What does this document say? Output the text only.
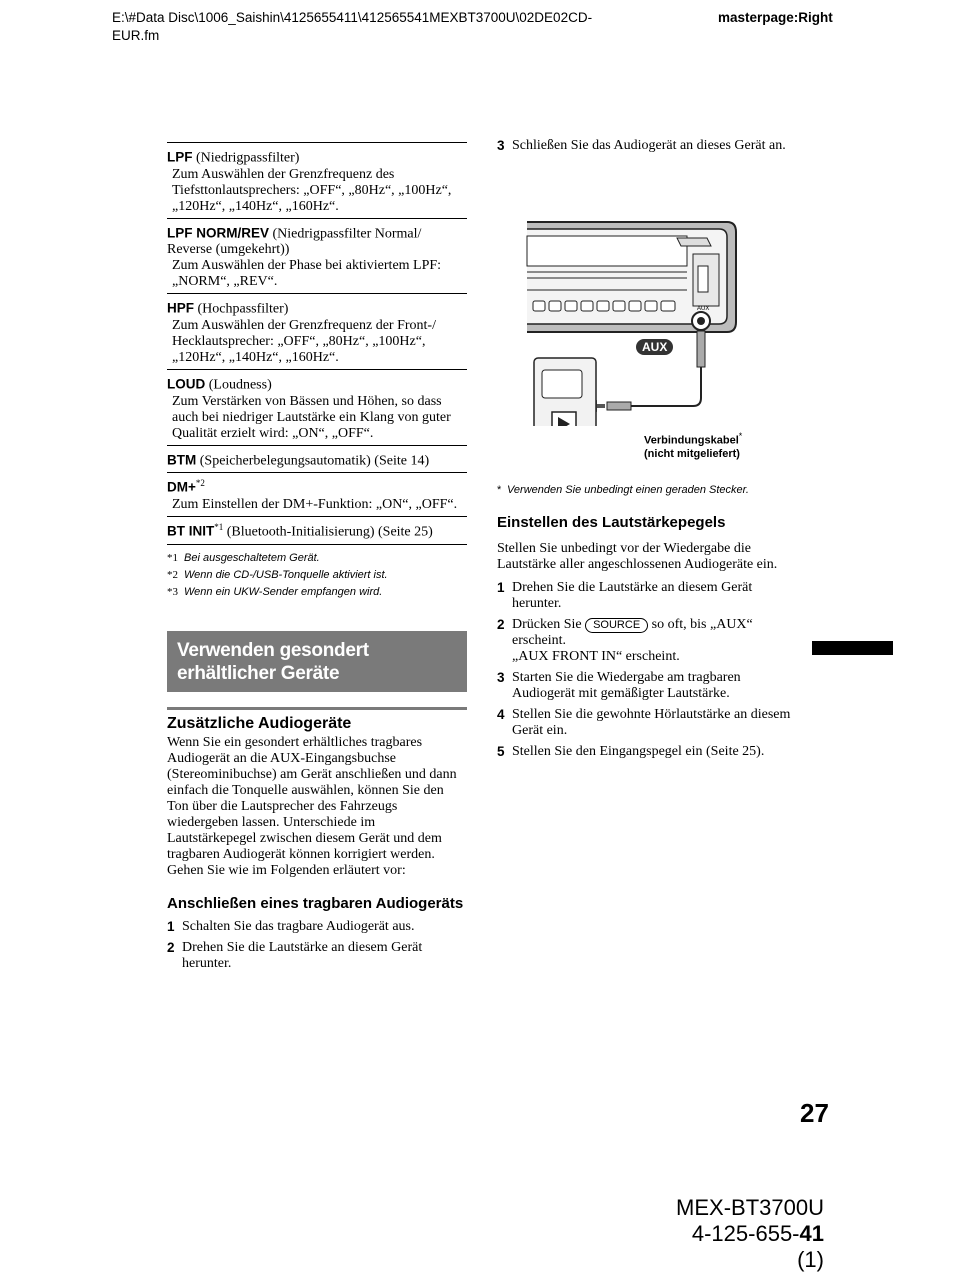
E:\#Data Disc\1006_Saishin\4125655411\412565541MEXBT3700U\02DE02CD-EUR.fm
masterpage:Right
LPF (Niedrigpassfilter)
Zum Auswählen der Grenzfrequenz des Tiefsttonlautsprechers: „OFF“, „80Hz“, „100Hz“, „120Hz“, „140Hz“, „160Hz“.
LPF NORM/REV (Niedrigpassfilter Normal/ Reverse (umgekehrt))
Zum Auswählen der Phase bei aktiviertem LPF: „NORM“, „REV“.
HPF (Hochpassfilter)
Zum Auswählen der Grenzfrequenz der Front-/ Hecklautsprecher: „OFF“, „80Hz“, „100Hz“, „120Hz“, „140Hz“, „160Hz“.
LOUD (Loudness)
Zum Verstärken von Bässen und Höhen, so dass auch bei niedriger Lautstärke ein Klang von guter Qualität erzielt wird: „ON“, „OFF“.
BTM (Speicherbelegungsautomatik) (Seite 14)
DM+$^{*2}$
Zum Einstellen der DM+-Funktion: „ON“, „OFF“.
BT INIT$^{*1}$ (Bluetooth-Initialisierung) (Seite 25)
*1 Bei ausgeschaltetem Gerät.
*2 Wenn die CD-/USB-Tonquelle aktiviert ist.
*3 Wenn ein UKW-Sender empfangen wird.
Verwenden gesondert
erhältlicher Geräte
Zusätzliche Audiogeräte

Wenn Sie ein gesondert erhältliches tragbares Audiogerät an die AUX-Eingangsbuchse (Stereominibuchse) am Gerät anschließen und dann einfach die Tonquelle auswählen, können Sie den Ton über die Lautsprecher des Fahrzeugs wiedergeben lassen. Unterschiede im Lautstärkepegel zwischen diesem Gerät und dem tragbaren Audiogerät können korrigiert werden. Gehen Sie wie im Folgenden erläutert vor:

Anschließen eines tragbaren Audiogeräts
1 Schalten Sie das tragbare Audiogerät aus.
2 Drehen Sie die Lautstärke an diesem Gerät herunter.
3 Schließen Sie das Audiogerät an dieses Gerät an.
AUX
AUX
Verbindungskabel*
(nicht mitgeliefert)
* Verwenden Sie unbedingt einen geraden Stecker.
Einstellen des Lautstärkepegels

Stellen Sie unbedingt vor der Wiedergabe die Lautstärke aller angeschlossenen Audiogeräte ein.

1 Drehen Sie die Lautstärke an diesem Gerät herunter.
2 Drücken Sie SOURCE so oft, bis „AUX“ erscheint.
„AUX FRONT IN“ erscheint.
3 Starten Sie die Wiedergabe am tragbaren Audiogerät mit gemäßigter Lautstärke.
4 Stellen Sie die gewohnte Hörlautstärke an diesem Gerät ein.
5 Stellen Sie den Eingangspegel ein (Seite 25).
27
MEX-BT3700U
4-125-655-41 (1)
